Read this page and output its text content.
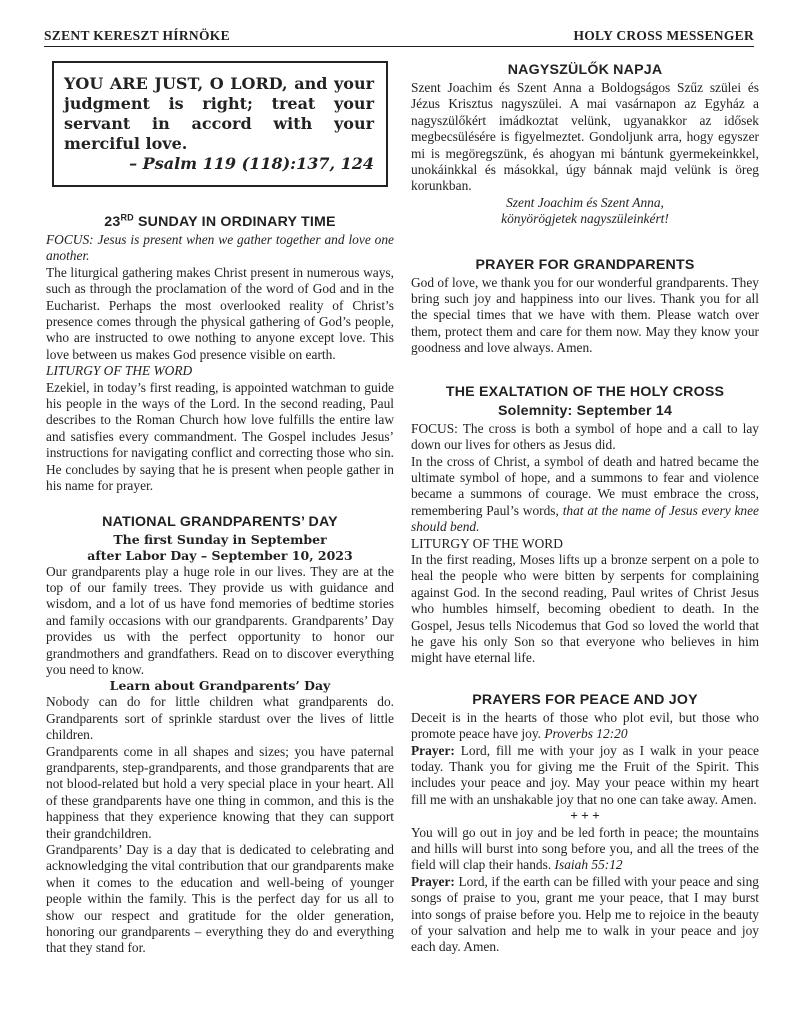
SZENT KERESZT HÍRNÖKE	HOLY CROSS MESSENGER
YOU ARE JUST, O LORD, and your judgment is right; treat your servant in accord with your merciful love.
– Psalm 119 (118):137, 124
23RD SUNDAY IN ORDINARY TIME

FOCUS: Jesus is present when we gather together and love one another.

The liturgical gathering makes Christ present in numerous ways, such as through the proclamation of the word of God and in the Eucharist. Perhaps the most overlooked reality of Christ’s presence comes through the physical gathering of God’s people, who are instructed to owe nothing to anyone except love. This love between us makes God presence visible on earth.

LITURGY OF THE WORD

Ezekiel, in today’s first reading, is appointed watchman to guide his people in the ways of the Lord. In the second reading, Paul describes to the Roman Church how love fulfills the entire law and satisfies every commandment. The Gospel includes Jesus’ instructions for navigating conflict and correcting those who sin. He concludes by saying that he is present when people gather in his name for prayer.

NATIONAL GRANDPARENTS’ DAY
The first Sunday in September
after Labor Day – September 10, 2023

Our grandparents play a huge role in our lives. They are at the top of our family trees. They provide us with guidance and wisdom, and a lot of us have fond memories of bedtime stories and family occasions with our grandparents. Grandparents’ Day provides us with the perfect opportunity to honor our grandmothers and grandfathers. Read on to discover everything you need to know.

Learn about Grandparents’ Day

Nobody can do for little children what grandparents do. Grandparents sort of sprinkle stardust over the lives of little children.

Grandparents come in all shapes and sizes; you have paternal grandparents, step-grandparents, and those grandparents that are not blood-related but hold a very special place in your heart. All of these grandparents have one thing in common, and this is the happiness that they experience knowing that they can support their grandchildren.

Grandparents’ Day is a day that is dedicated to celebrating and acknowledging the vital contribution that our grandparents make when it comes to the education and well-being of younger people within the family. This is the perfect day for us all to show our respect and gratitude for the older generation, honoring our grandparents – everything they do and everything that they stand for.

NAGYSZÜLŐK NAPJA

Szent Joachim és Szent Anna a Boldogságos Szűz szülei és Jézus Krisztus nagyszülei. A mai vasárnapon az Egyház a nagyszülőkért imádkoztat velünk, ugyanakkor az idősek megbecsülésére is figyelmeztet. Gondoljunk arra, hogy egyszer mi is megöregszünk, és ahogyan mi bántunk gyermekeinkkel, unokáinkkal és másokkal, úgy bánnak majd velünk is öreg korunkban.

Szent Joachim és Szent Anna,

könyörögjetek nagyszüleinkért!

PRAYER FOR GRANDPARENTS

God of love, we thank you for our wonderful grandparents. They bring such joy and happiness into our lives. Thank you for all the special times that we have with them. Please watch over them, protect them and care for them now. May they know your goodness and love always. Amen.

THE EXALTATION OF THE HOLY CROSS
Solemnity: September 14

FOCUS: The cross is both a symbol of hope and a call to lay down our lives for others as Jesus did.

In the cross of Christ, a symbol of death and hatred became the ultimate symbol of hope, and a summons to fear and violence became a summons of courage. We must embrace the cross, remembering Paul’s words, that at the name of Jesus every knee should bend.

LITURGY OF THE WORD

In the first reading, Moses lifts up a bronze serpent on a pole to heal the people who were bitten by serpents for complaining against God. In the second reading, Paul writes of Christ Jesus who humbles himself, becoming obedient to death. In the Gospel, Jesus tells Nicodemus that God so loved the world that he gave his only Son so that everyone who believes in him might have eternal life.

PRAYERS FOR PEACE AND JOY

Deceit is in the hearts of those who plot evil, but those who promote peace have joy. Proverbs 12:20

Prayer: Lord, fill me with your joy as I walk in your peace today. Thank you for giving me the Fruit of the Spirit. This includes your peace and joy. May your peace within my heart fill me with an unshakable joy that no one can take away. Amen.

+ + +

You will go out in joy and be led forth in peace; the mountains and hills will burst into song before you, and all the trees of the field will clap their hands. Isaiah 55:12

Prayer: Lord, if the earth can be filled with your peace and sing songs of praise to you, grant me your peace, that I may burst into songs of praise before you. Help me to rejoice in the beauty of your salvation and help me to walk in your peace and joy each day. Amen.
